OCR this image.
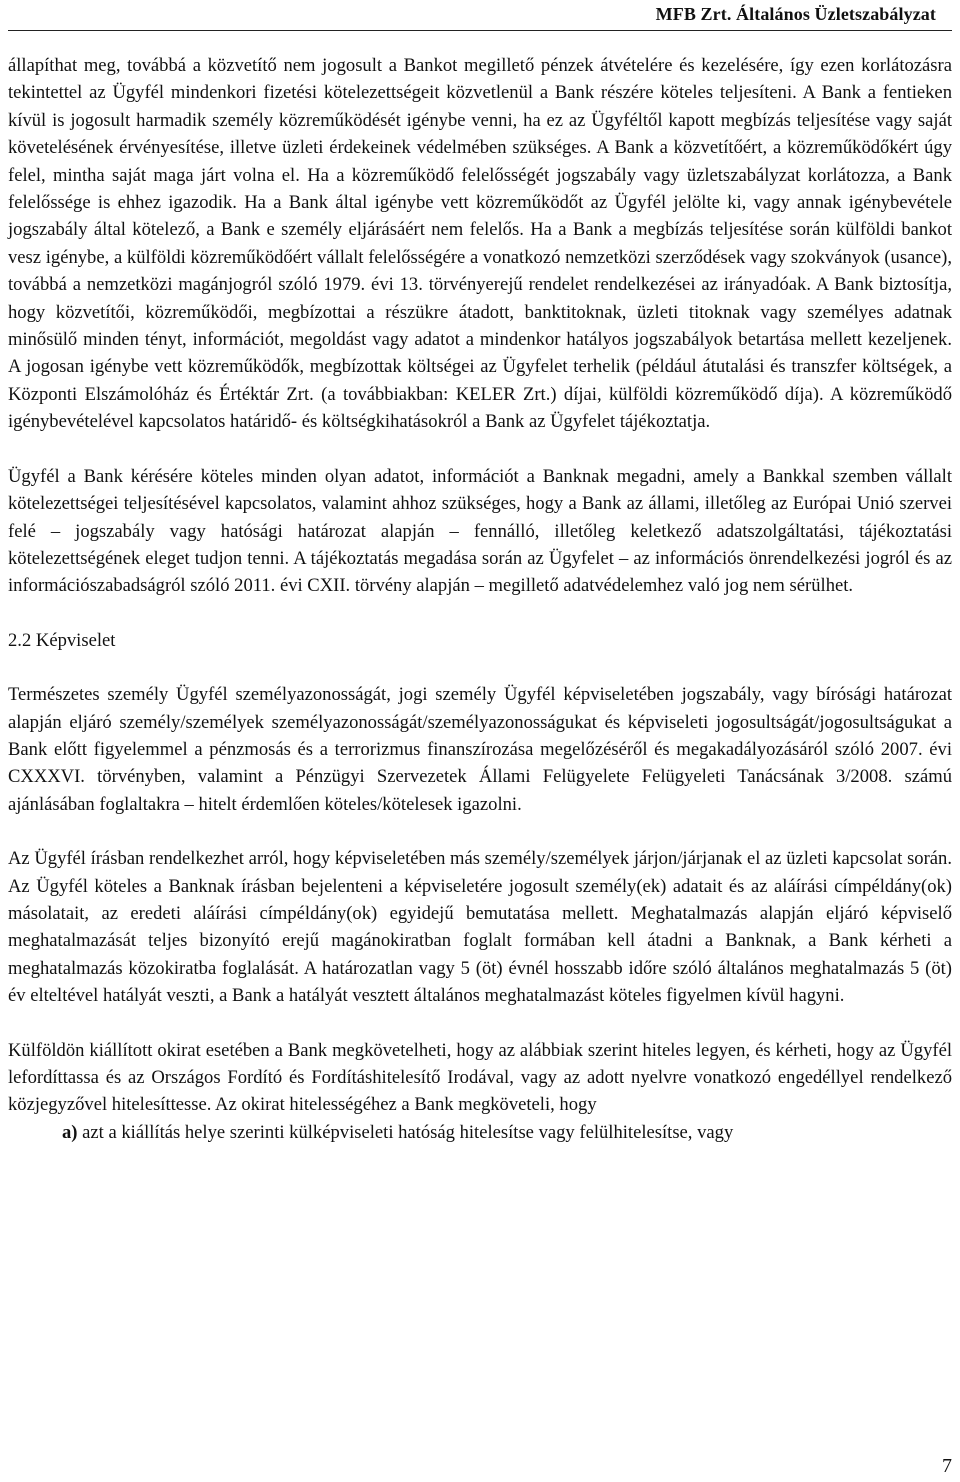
MFB Zrt. Általános Üzletszabályzat

állapíthat meg, továbbá a közvetítő nem jogosult a Bankot megillető pénzek átvételére és kezelésére, így ezen korlátozásra tekintettel az Ügyfél mindenkori fizetési kötelezettségeit közvetlenül a Bank részére köteles teljesíteni. A Bank a fentieken kívül is jogosult harmadik személy közreműködését igénybe venni, ha ez az Ügyféltől kapott megbízás teljesítése vagy saját követelésének érvényesítése, illetve üzleti érdekeinek védelmében szükséges. A Bank a közvetítőért, a közreműködőkért úgy felel, mintha saját maga járt volna el. Ha a közreműködő felelősségét jogszabály vagy üzletszabályzat korlátozza, a Bank felelőssége is ehhez igazodik. Ha a Bank által igénybe vett közreműködőt az Ügyfél jelölte ki, vagy annak igénybevétele jogszabály által kötelező, a Bank e személy eljárásáért nem felelős. Ha a Bank a megbízás teljesítése során külföldi bankot vesz igénybe, a külföldi közreműködőért vállalt felelősségére a vonatkozó nemzetközi szerződések vagy szokványok (usance), továbbá a nemzetközi magánjogról szóló 1979. évi 13. törvényerejű rendelet rendelkezései az irányadóak. A Bank biztosítja, hogy közvetítői, közreműködői, megbízottai a részükre átadott, banktitoknak, üzleti titoknak vagy személyes adatnak minősülő minden tényt, információt, megoldást vagy adatot a mindenkor hatályos jogszabályok betartása mellett kezeljenek. A jogosan igénybe vett közreműködők, megbízottak költségei az Ügyfelet terhelik (például átutalási és transzfer költségek, a Központi Elszámolóház és Értéktár Zrt. (a továbbiakban: KELER Zrt.) díjai, külföldi közreműködő díja). A közreműködő igénybevételével kapcsolatos határidő- és költségkihatásokról a Bank az Ügyfelet tájékoztatja.

Ügyfél a Bank kérésére köteles minden olyan adatot, információt a Banknak megadni, amely a Bankkal szemben vállalt kötelezettségei teljesítésével kapcsolatos, valamint ahhoz szükséges, hogy a Bank az állami, illetőleg az Európai Unió szervei felé – jogszabály vagy hatósági határozat alapján – fennálló, illetőleg keletkező adatszolgáltatási, tájékoztatási kötelezettségének eleget tudjon tenni. A tájékoztatás megadása során az Ügyfelet – az információs önrendelkezési jogról és az információszabadságról szóló 2011. évi CXII. törvény alapján – megillető adatvédelemhez való jog nem sérülhet.

2.2 Képviselet

Természetes személy Ügyfél személyazonosságát, jogi személy Ügyfél képviseletében jogszabály, vagy bírósági határozat alapján eljáró személy/személyek személyazonosságát/személyazonosságukat és képviseleti jogosultságát/jogosultságukat a Bank előtt figyelemmel a pénzmosás és a terrorizmus finanszírozása megelőzéséről és megakadályozásáról szóló 2007. évi CXXXVI. törvényben, valamint a Pénzügyi Szervezetek Állami Felügyelete Felügyeleti Tanácsának 3/2008. számú ajánlásában foglaltakra – hitelt érdemlően köteles/kötelesek igazolni.

Az Ügyfél írásban rendelkezhet arról, hogy képviseletében más személy/személyek járjon/járjanak el az üzleti kapcsolat során. Az Ügyfél köteles a Banknak írásban bejelenteni a képviseletére jogosult személy(ek) adatait és az aláírási címpéldány(ok) másolatait, az eredeti aláírási címpéldány(ok) egyidejű bemutatása mellett. Meghatalmazás alapján eljáró képviselő meghatalmazását teljes bizonyító erejű magánokiratban foglalt formában kell átadni a Banknak, a Bank kérheti a meghatalmazás közokiratba foglalását. A határozatlan vagy 5 (öt) évnél hosszabb időre szóló általános meghatalmazás 5 (öt) év elteltével hatályát veszti, a Bank a hatályát vesztett általános meghatalmazást köteles figyelmen kívül hagyni.

Külföldön kiállított okirat esetében a Bank megkövetelheti, hogy az alábbiak szerint hiteles legyen, és kérheti, hogy az Ügyfél lefordíttassa és az Országos Fordító és Fordításhitelesítő Irodával, vagy az adott nyelvre vonatkozó engedéllyel rendelkező közjegyzővel hitelesíttesse. Az okirat hitelességéhez a Bank megköveteli, hogy

a) azt a kiállítás helye szerinti külképviseleti hatóság hitelesítse vagy felülhitelesítse, vagy

7
